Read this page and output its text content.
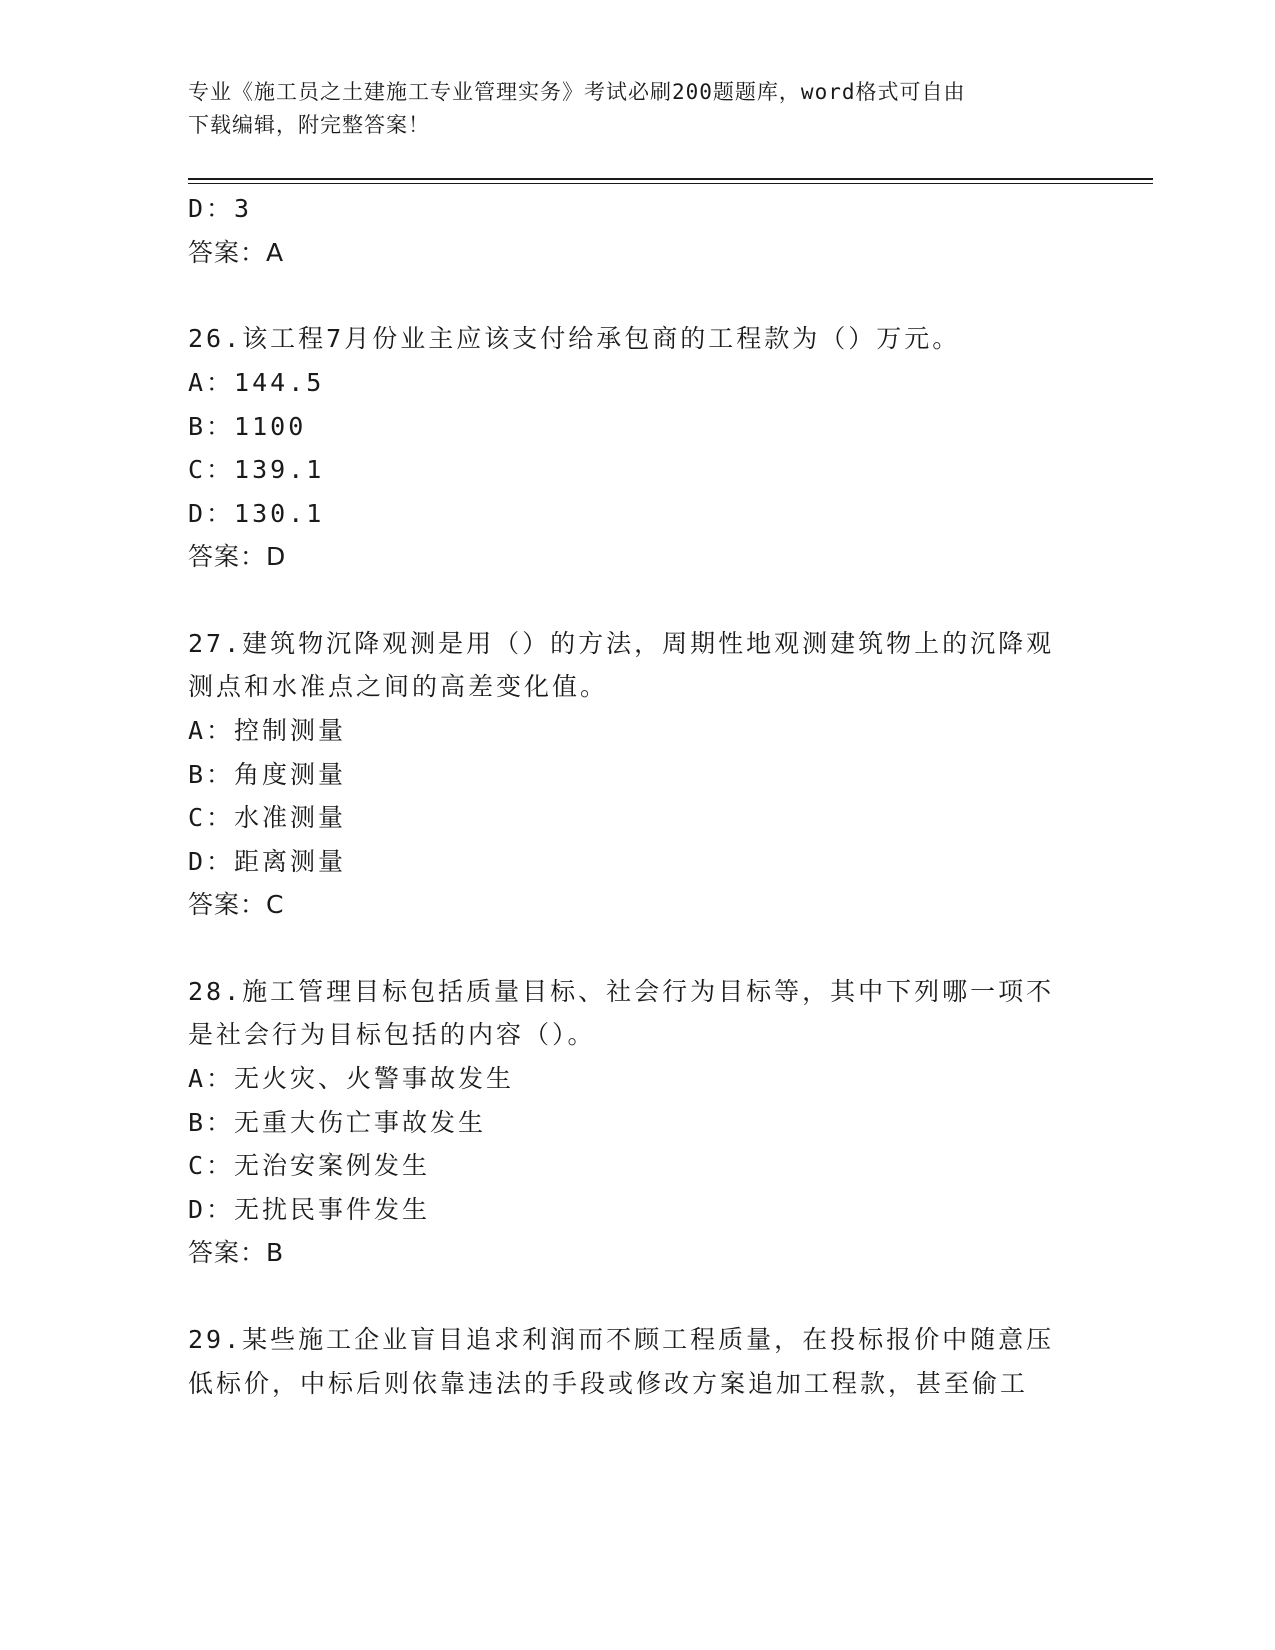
专业《施工员之土建施工专业管理实务》考试必刷200题题库，word格式可自由
下载编辑，附完整答案！
D：3
答案：A
26.该工程7月份业主应该支付给承包商的工程款为（）万元。
A：144.5
B：1100
C：139.1
D：130.1
答案：D
27.建筑物沉降观测是用（）的方法，周期性地观测建筑物上的沉降观
测点和水准点之间的高差变化值。
A：控制测量
B：角度测量
C：水准测量
D：距离测量
答案：C
28.施工管理目标包括质量目标、社会行为目标等，其中下列哪一项不
是社会行为目标包括的内容（）。
A：无火灾、火警事故发生
B：无重大伤亡事故发生
C：无治安案例发生
D：无扰民事件发生
答案：B
29.某些施工企业盲目追求利润而不顾工程质量，在投标报价中随意压
低标价，中标后则依靠违法的手段或修改方案追加工程款，甚至偷工
